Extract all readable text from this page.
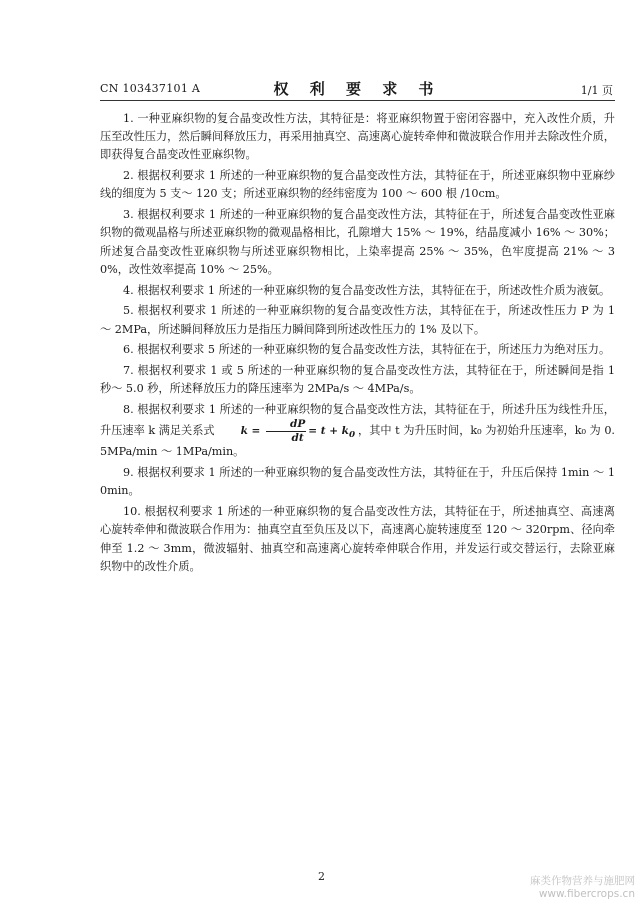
CN 103437101 A	权 利 要 求 书	1/1 页

1. 一种亚麻织物的复合晶变改性方法，其特征是：将亚麻织物置于密闭容器中，充入改性介质，升压至改性压力，然后瞬间释放压力，再采用抽真空、高速离心旋转牵伸和微波联合作用并去除改性介质，即获得复合晶变改性亚麻织物。

2. 根据权利要求 1 所述的一种亚麻织物的复合晶变改性方法，其特征在于，所述亚麻织物中亚麻纱线的细度为 5 支～ 120 支；所述亚麻织物的经纬密度为 100 ～ 600 根 /10cm。

3. 根据权利要求 1 所述的一种亚麻织物的复合晶变改性方法，其特征在于，所述复合晶变改性亚麻织物的微观晶格与所述亚麻织物的微观晶格相比，孔隙增大 15% ～ 19%，结晶度减小 16% ～ 30%；所述复合晶变改性亚麻织物与所述亚麻织物相比，上染率提高 25% ～ 35%，色牢度提高 21% ～ 30%，改性效率提高 10% ～ 25%。

4. 根据权利要求 1 所述的一种亚麻织物的复合晶变改性方法，其特征在于，所述改性介质为液氨。

5. 根据权利要求 1 所述的一种亚麻织物的复合晶变改性方法，其特征在于，所述改性压力 P 为 1 ～ 2MPa，所述瞬间释放压力是指压力瞬间降到所述改性压力的 1% 及以下。

6. 根据权利要求 5 所述的一种亚麻织物的复合晶变改性方法，其特征在于，所述压力为绝对压力。

7. 根据权利要求 1 或 5 所述的一种亚麻织物的复合晶变改性方法，其特征在于，所述瞬间是指 1 秒～ 5.0 秒，所述释放压力的降压速率为 2MPa/s ～ 4MPa/s。

8. 根据权利要求 1 所述的一种亚麻织物的复合晶变改性方法，其特征在于，所述升压为线性升压，升压速率 k 满足关系式 $k = \frac{dP}{dt} = t + k_0$ ，其中 t 为升压时间，k₀ 为初始升压速率，k₀ 为 0.5MPa/min ～ 1MPa/min。

9. 根据权利要求 1 所述的一种亚麻织物的复合晶变改性方法，其特征在于，升压后保持 1min ～ 10min。

10. 根据权利要求 1 所述的一种亚麻织物的复合晶变改性方法，其特征在于，所述抽真空、高速离心旋转牵伸和微波联合作用为：抽真空直至负压及以下，高速离心旋转速度至 120 ～ 320rpm、径向牵伸至 1.2 ～ 3mm，微波辐射、抽真空和高速离心旋转牵伸联合作用，并发运行或交替运行，去除亚麻织物中的改性介质。

2	麻类作物营养与施肥网
www.fibercrops.cn
